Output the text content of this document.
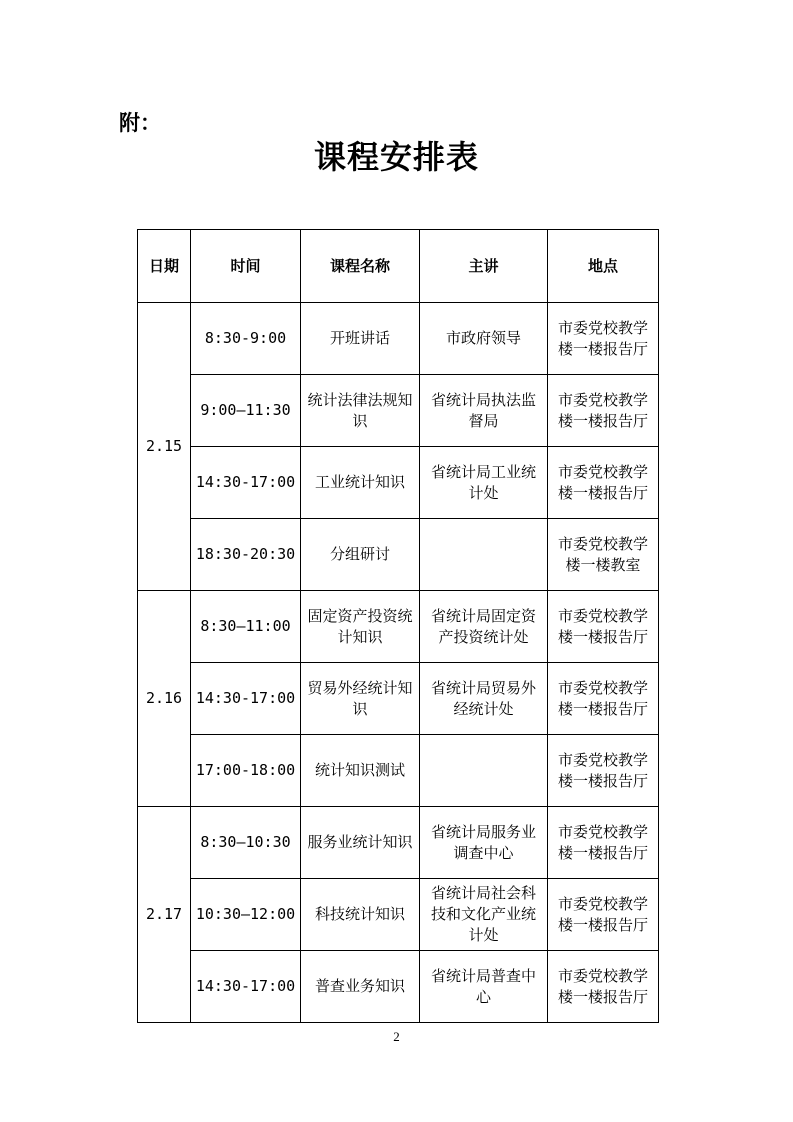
附：
课程安排表
日期	时间	课程名称	主讲	地点
2.15	8:30-9:00	开班讲话	市政府领导	市委党校教学楼一楼报告厅
	9:00—11:30	统计法律法规知识	省统计局执法监督局	市委党校教学楼一楼报告厅
	14:30-17:00	工业统计知识	省统计局工业统计处	市委党校教学楼一楼报告厅
	18:30-20:30	分组研讨		市委党校教学楼一楼教室
2.16	8:30—11:00	固定资产投资统计知识	省统计局固定资产投资统计处	市委党校教学楼一楼报告厅
	14:30-17:00	贸易外经统计知识	省统计局贸易外经统计处	市委党校教学楼一楼报告厅
	17:00-18:00	统计知识测试		市委党校教学楼一楼报告厅
2.17	8:30—10:30	服务业统计知识	省统计局服务业调查中心	市委党校教学楼一楼报告厅
	10:30—12:00	科技统计知识	省统计局社会科技和文化产业统计处	市委党校教学楼一楼报告厅
	14:30-17:00	普查业务知识	省统计局普查中心	市委党校教学楼一楼报告厅
2
